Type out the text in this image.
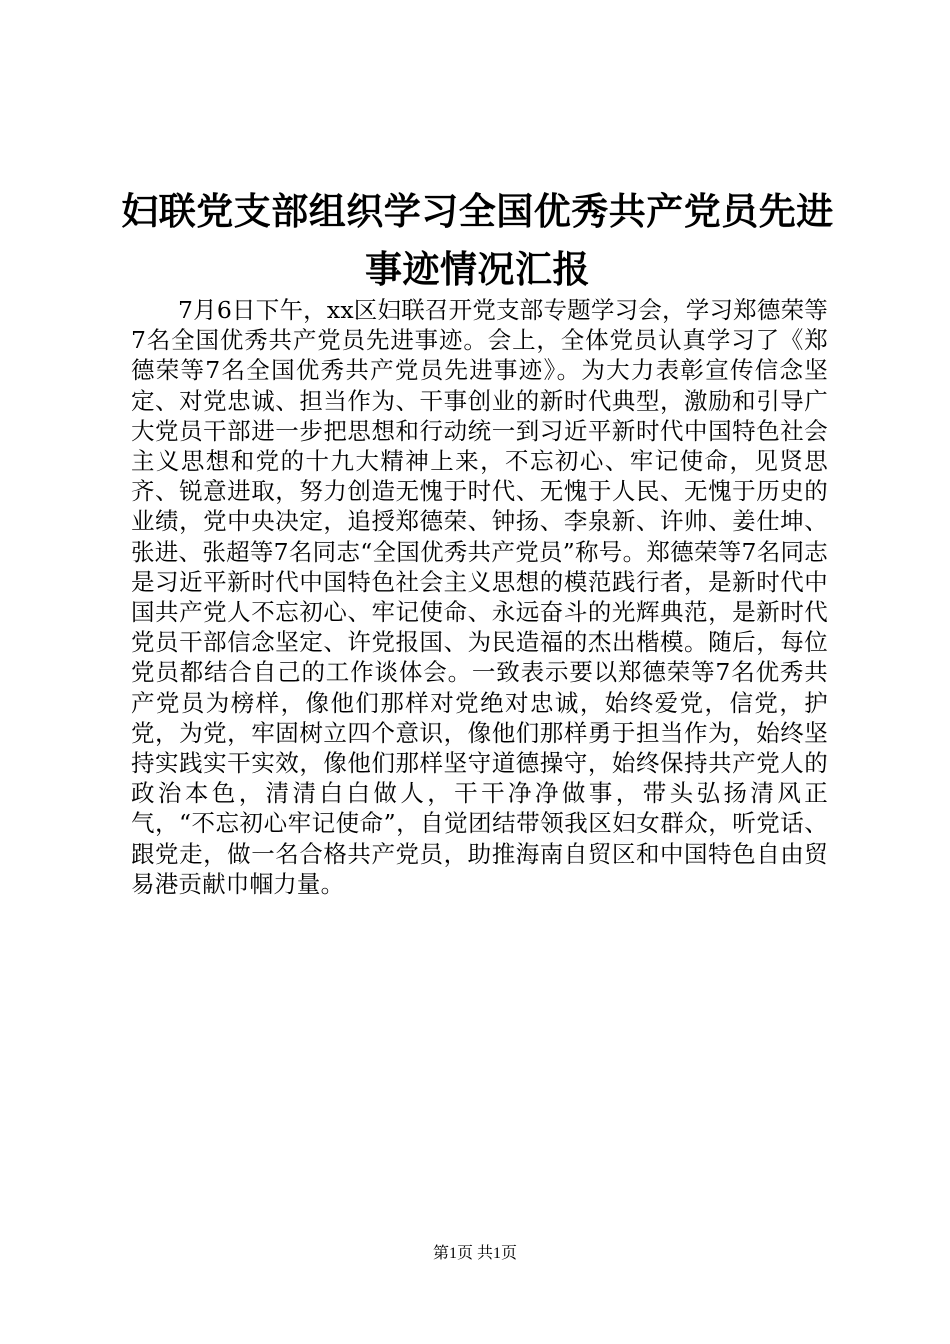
妇联党支部组织学习全国优秀共产党员先进事迹情况汇报

7月6日下午，xx区妇联召开党支部专题学习会，学习郑德荣等7名全国优秀共产党员先进事迹。会上，全体党员认真学习了《郑德荣等7名全国优秀共产党员先进事迹》。为大力表彰宣传信念坚定、对党忠诚、担当作为、干事创业的新时代典型，激励和引导广大党员干部进一步把思想和行动统一到习近平新时代中国特色社会主义思想和党的十九大精神上来，不忘初心、牢记使命，见贤思齐、锐意进取，努力创造无愧于时代、无愧于人民、无愧于历史的业绩，党中央决定，追授郑德荣、钟扬、李泉新、许帅、姜仕坤、张进、张超等7名同志“全国优秀共产党员”称号。郑德荣等7名同志是习近平新时代中国特色社会主义思想的模范践行者，是新时代中国共产党人不忘初心、牢记使命、永远奋斗的光辉典范，是新时代党员干部信念坚定、许党报国、为民造福的杰出楷模。随后，每位党员都结合自己的工作谈体会。一致表示要以郑德荣等7名优秀共产党员为榜样，像他们那样对党绝对忠诚，始终爱党，信党，护党，为党，牢固树立四个意识，像他们那样勇于担当作为，始终坚持实践实干实效，像他们那样坚守道德操守，始终保持共产党人的政治本色，清清白白做人，干干净净做事，带头弘扬清风正气，“不忘初心牢记使命”，自觉团结带领我区妇女群众，听党话、跟党走，做一名合格共产党员，助推海南自贸区和中国特色自由贸易港贡献巾帼力量。

第1页 共1页
